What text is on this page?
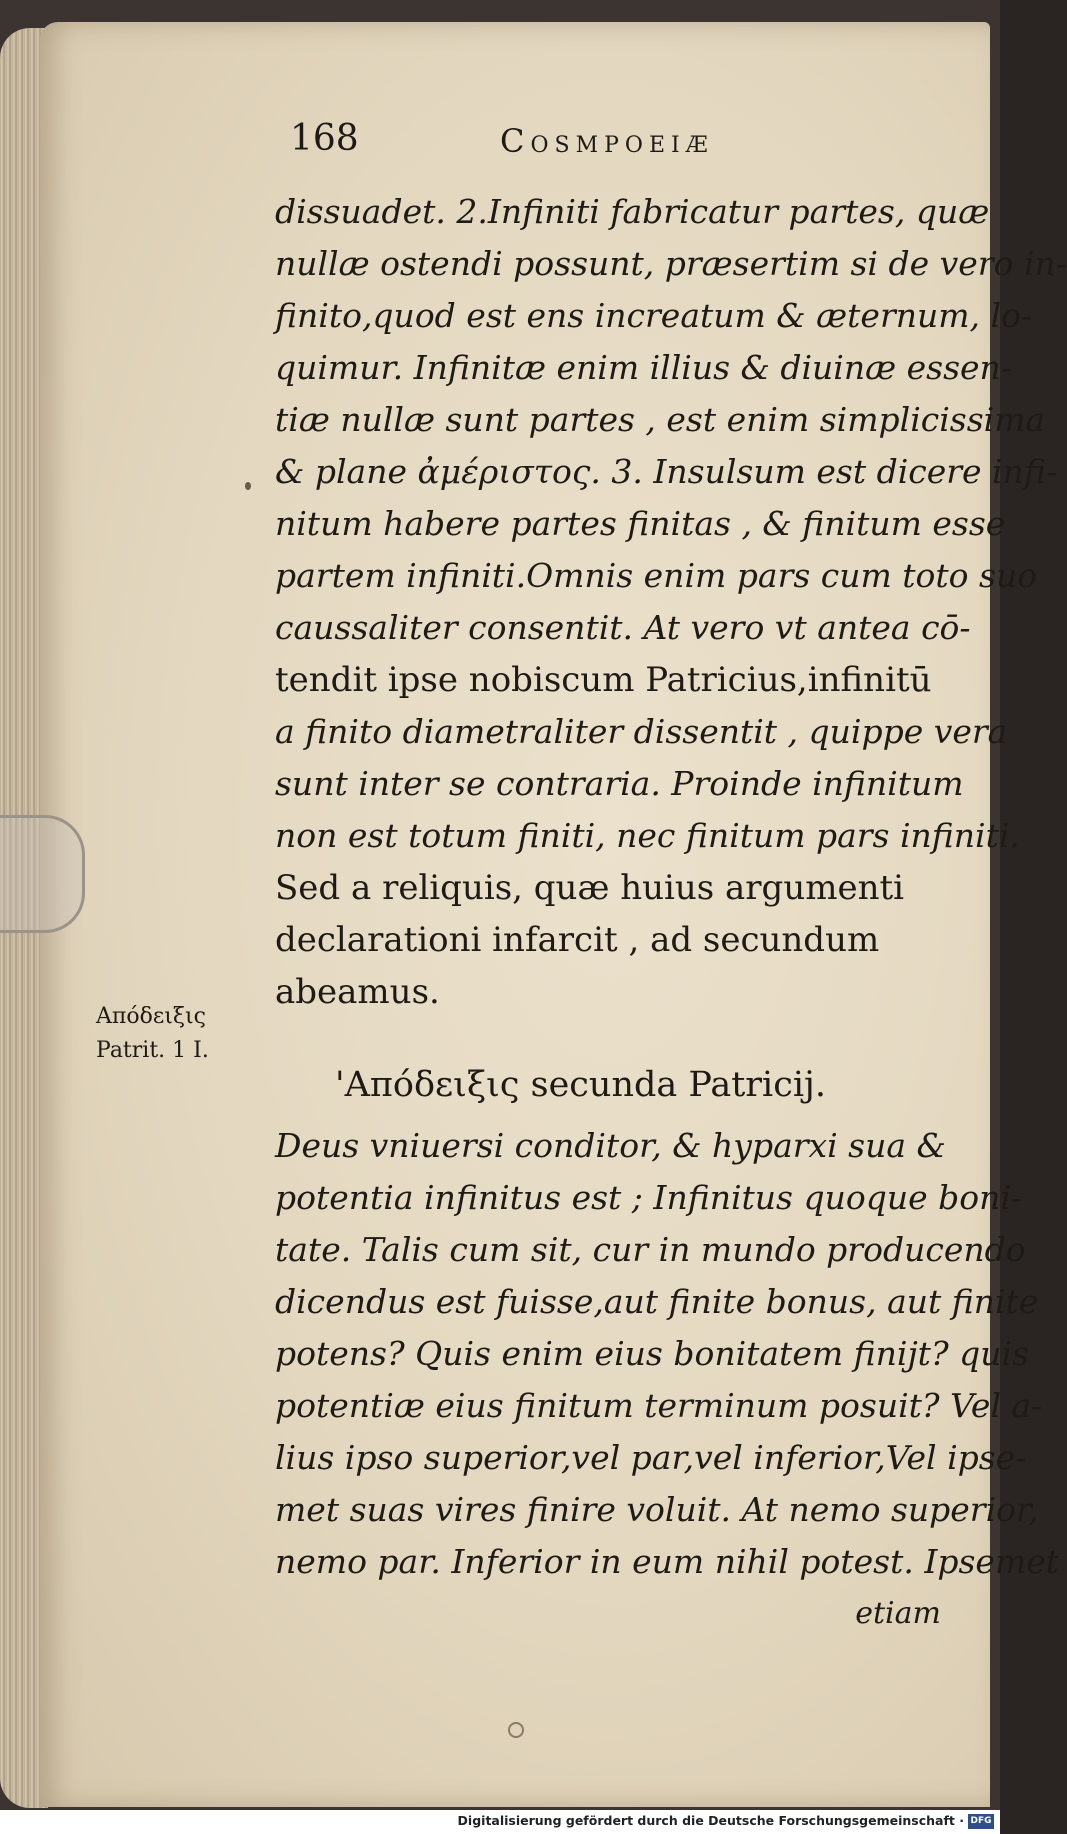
168	Cosmpoeiæ
Απόδειξις
Patrit. 1 I.
dissuadet. 2.Infiniti fabricatur partes, quæ
nullæ ostendi possunt, præsertim si de vero in-
finito,quod est ens increatum & æternum, lo-
quimur. Infinitæ enim illius & diuinæ essen-
tiæ nullæ sunt partes , est enim simplicissima
& plane ἀμέριστος. 3. Insulsum est dicere infi-
nitum habere partes finitas , & finitum esse
partem infiniti.Omnis enim pars cum toto suo
caussaliter consentit. At vero vt antea cō-
tendit ipse nobiscum Patricius,infinitū
a finito diametraliter dissentit , quippe vera
sunt inter se contraria. Proinde infinitum
non est totum finiti, nec finitum pars infiniti.
Sed a reliquis, quæ huius argumenti
declarationi infarcit , ad secundum
abeamus.
'Απόδειξις secunda Patricij.
Deus vniuersi conditor, & hyparxi sua &
potentia infinitus est ; Infinitus quoque boni-
tate. Talis cum sit, cur in mundo producendo
dicendus est fuisse,aut finite bonus, aut finite
potens? Quis enim eius bonitatem finijt? quis
potentiæ eius finitum terminum posuit? Vel a-
lius ipso superior,vel par,vel inferior,Vel ipse-
met suas vires finire voluit. At nemo superior,
nemo par. Inferior in eum nihil potest. Ipsemet
etiam
Digitalisierung gefördert durch die Deutsche Forschungsgemeinschaft · DFG
